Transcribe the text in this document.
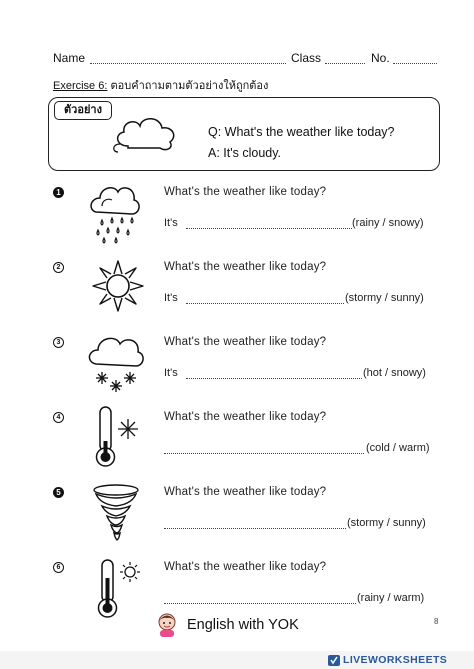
Name	Class	No.
Exercise 6: ตอบคำถามตามตัวอย่างให้ถูกต้อง
ตัวอย่าง
Q: What's the weather like today?
A: It's cloudy.
1	What's the weather like today?
It's	(rainy / snowy)
2	What's the weather like today?
It's	(stormy / sunny)
3	What's the weather like today?
It's	(hot / snowy)
4	What's the weather like today?
(cold / warm)
5	What's the weather like today?
(stormy / sunny)
6	What's the weather like today?
(rainy / warm)
English with YOK	8
LIVEWORKSHEETS
